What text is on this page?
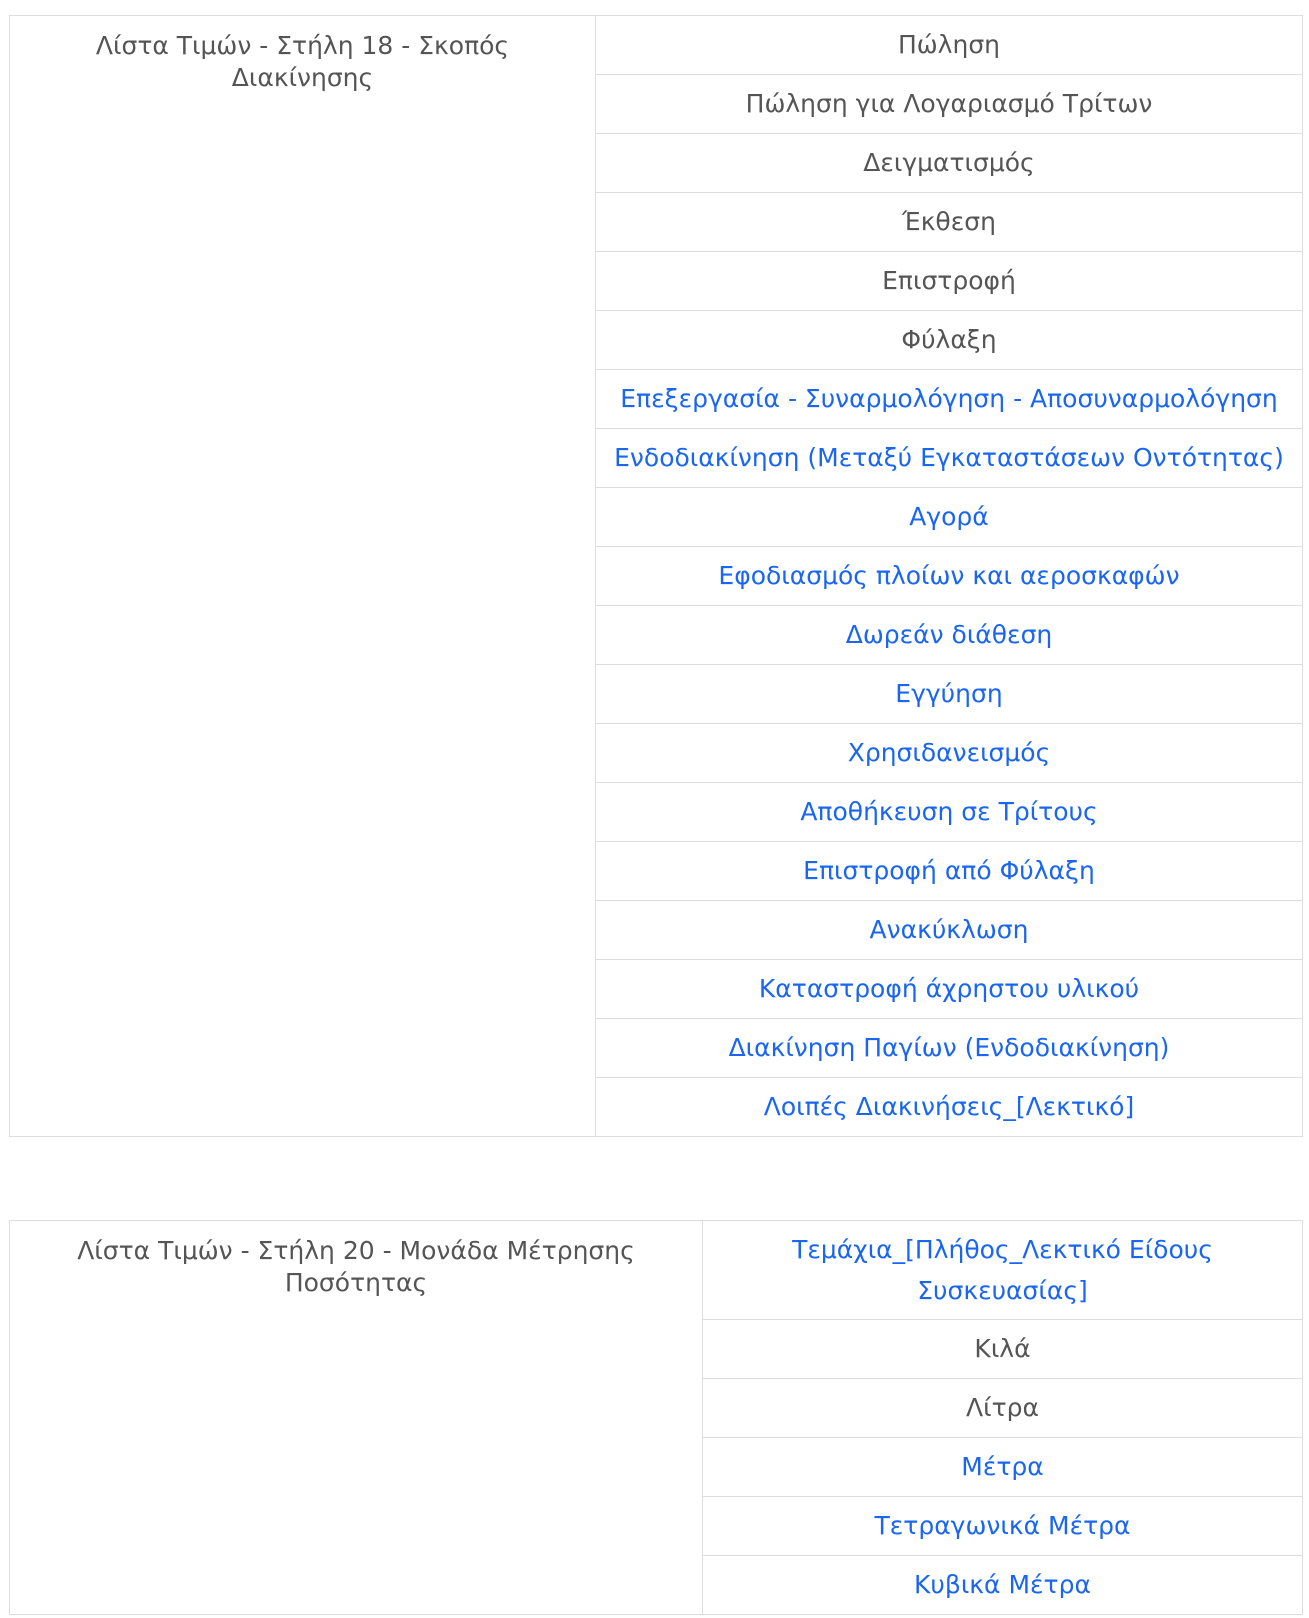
Λίστα Τιμών - Στήλη 18 - Σκοπός Διακίνησης	Πώληση
Πώληση για Λογαριασμό Τρίτων
Δειγματισμός
Έκθεση
Επιστροφή
Φύλαξη
Επεξεργασία - Συναρμολόγηση - Αποσυναρμολόγηση
Ενδοδιακίνηση (Μεταξύ Εγκαταστάσεων Οντότητας)
Αγορά
Εφοδιασμός πλοίων και αεροσκαφών
Δωρεάν διάθεση
Εγγύηση
Χρησιδανεισμός
Αποθήκευση σε Τρίτους
Επιστροφή από Φύλαξη
Ανακύκλωση
Καταστροφή άχρηστου υλικού
Διακίνηση Παγίων (Ενδοδιακίνηση)
Λοιπές Διακινήσεις_[Λεκτικό]
Λίστα Τιμών - Στήλη 20 - Μονάδα Μέτρησης Ποσότητας	Τεμάχια_[Πλήθος_Λεκτικό Είδους Συσκευασίας]
Κιλά
Λίτρα
Μέτρα
Τετραγωνικά Μέτρα
Κυβικά Μέτρα
